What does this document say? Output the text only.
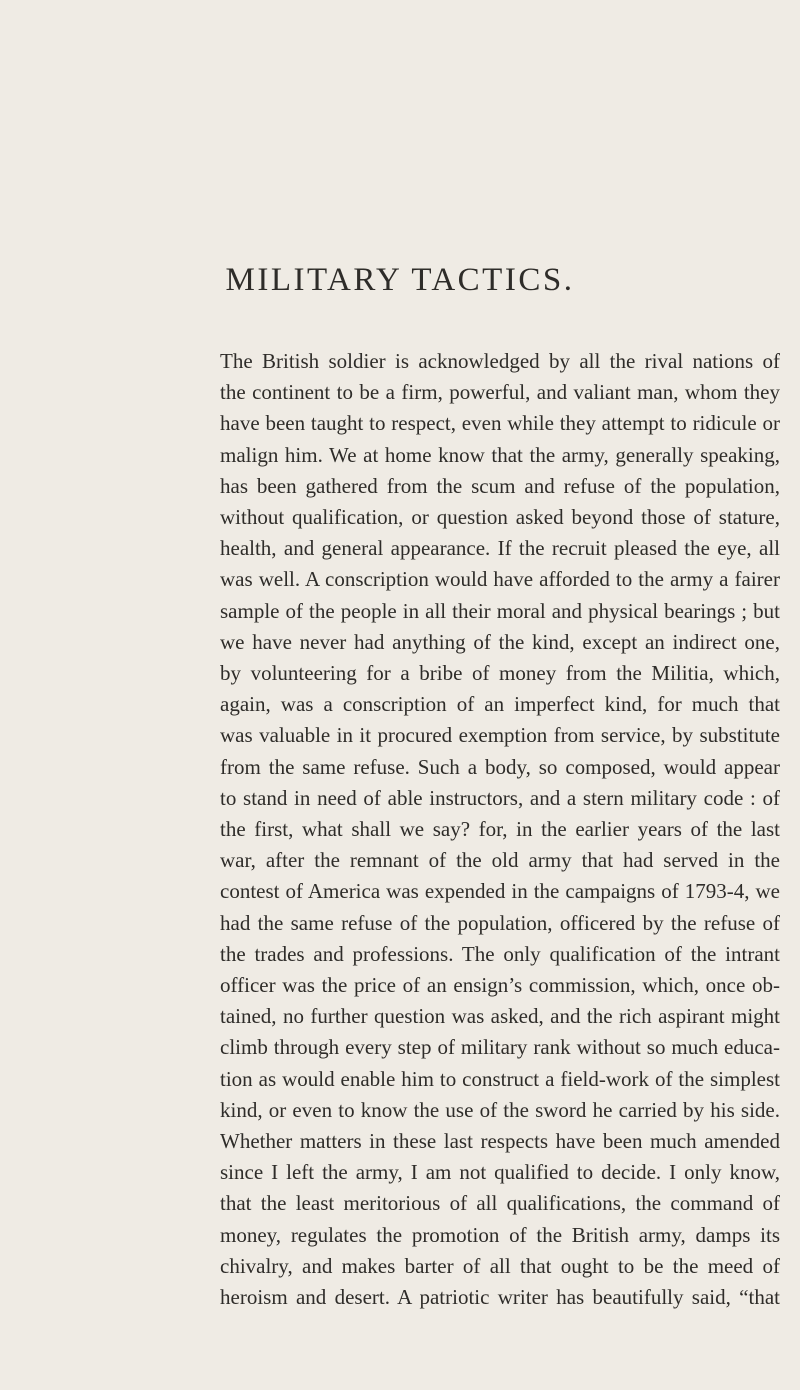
MILITARY TACTICS.
The British soldier is acknowledged by all the rival nations of
the continent to be a firm, powerful, and valiant man, whom they
have been taught to respect, even while they attempt to ridicule or
malign him. We at home know that the army, generally speaking,
has been gathered from the scum and refuse of the population,
without qualification, or question asked beyond those of stature,
health, and general appearance. If the recruit pleased the eye, all
was well. A conscription would have afforded to the army a fairer
sample of the people in all their moral and physical bearings ; but
we have never had anything of the kind, except an indirect one,
by volunteering for a bribe of money from the Militia, which,
again, was a conscription of an imperfect kind, for much that
was valuable in it procured exemption from service, by substitute
from the same refuse. Such a body, so composed, would appear
to stand in need of able instructors, and a stern military code : of
the first, what shall we say? for, in the earlier years of the last
war, after the remnant of the old army that had served in the
contest of America was expended in the campaigns of 1793-4, we
had the same refuse of the population, officered by the refuse of
the trades and professions. The only qualification of the intrant
officer was the price of an ensign’s commission, which, once ob-
tained, no further question was asked, and the rich aspirant might
climb through every step of military rank without so much educa-
tion as would enable him to construct a field-work of the simplest
kind, or even to know the use of the sword he carried by his side.
Whether matters in these last respects have been much amended
since I left the army, I am not qualified to decide. I only know,
that the least meritorious of all qualifications, the command of
money, regulates the promotion of the British army, damps its
chivalry, and makes barter of all that ought to be the meed of
heroism and desert. A patriotic writer has beautifully said, “that
